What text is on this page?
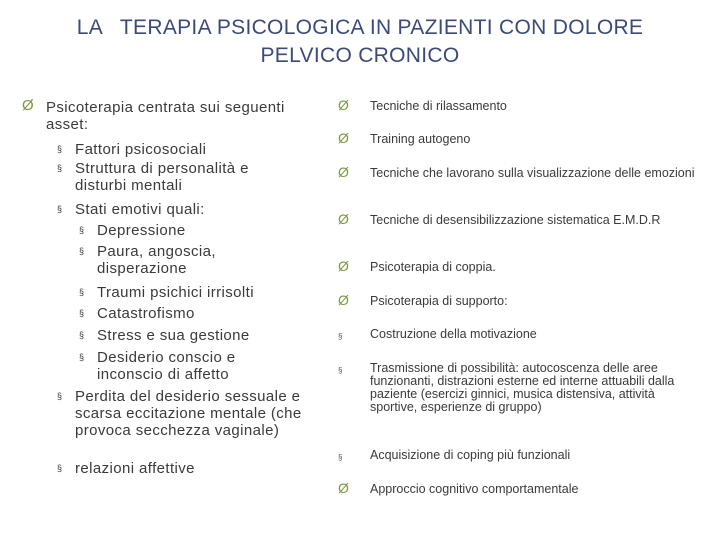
LA   TERAPIA PSICOLOGICA IN PAZIENTI CON DOLORE
PELVICO CRONICO
Ø Psicoterapia centrata sui seguenti asset:
§ Fattori psicosociali
§ Struttura di personalità e disturbi mentali
§ Stati emotivi quali:
§ Depressione
§ Paura, angoscia, disperazione
§ Traumi psichici irrisolti
§ Catastrofismo
§ Stress e sua gestione
§ Desiderio conscio e inconscio di affetto
§ Perdita del desiderio sessuale e scarsa eccitazione mentale (che provoca secchezza vaginale)
§ relazioni affettive
Ø Tecniche di rilassamento
Ø Training autogeno
Ø Tecniche che lavorano sulla visualizzazione delle emozioni
Ø Tecniche di desensibilizzazione sistematica E.M.D.R
Ø Psicoterapia di coppia.
Ø Psicoterapia di supporto:
§ Costruzione della motivazione
§ Trasmissione di possibilità: autocoscenza delle aree funzionanti, distrazioni esterne ed interne attuabili dalla paziente (esercizi ginnici, musica distensiva, attività sportive, esperienze di gruppo)
§ Acquisizione di coping più funzionali
Ø Approccio cognitivo comportamentale
